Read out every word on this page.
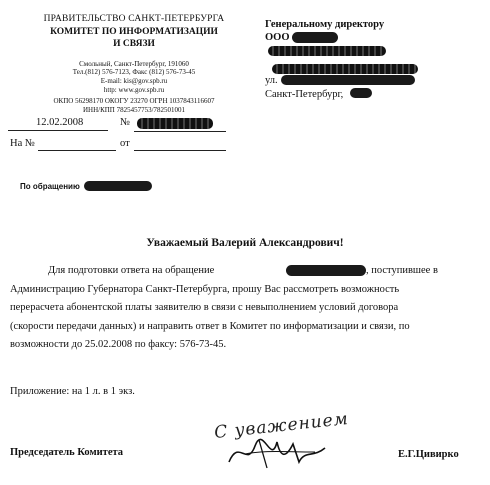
ПРАВИТЕЛЬСТВО САНКТ-ПЕТЕРБУРГА
КОМИТЕТ ПО ИНФОРМАТИЗАЦИИ
И СВЯЗИ
Смольный, Санкт-Петербург, 191060
Тел.(812) 576-7123, Факс (812) 576-73-45
E-mail: kis@gov.spb.ru
http: www.gov.spb.ru
ОКПО 56298170 ОКОГУ 23270 ОГРН 1037843116607
ИНН/КПП 7825457753/782501001
12.02.2008	№
На №	от
Генеральному директору
ООО
ул.
Санкт-Петербург,
По обращению
Уважаемый Валерий Александрович!
Для подготовки ответа на обращение	, поступившее в
Администрацию Губернатора Санкт-Петербурга, прошу Вас рассмотреть возможность
перерасчета абонентской платы заявителю в связи с невыполнением условий договора
(скорости передачи данных) и направить ответ в Комитет по информатизации и связи, по
возможности до 25.02.2008 по факсу: 576-73-45.
Приложение: на 1 л. в 1 экз.
Председатель Комитета
С уважением
Е.Г.Цивирко
